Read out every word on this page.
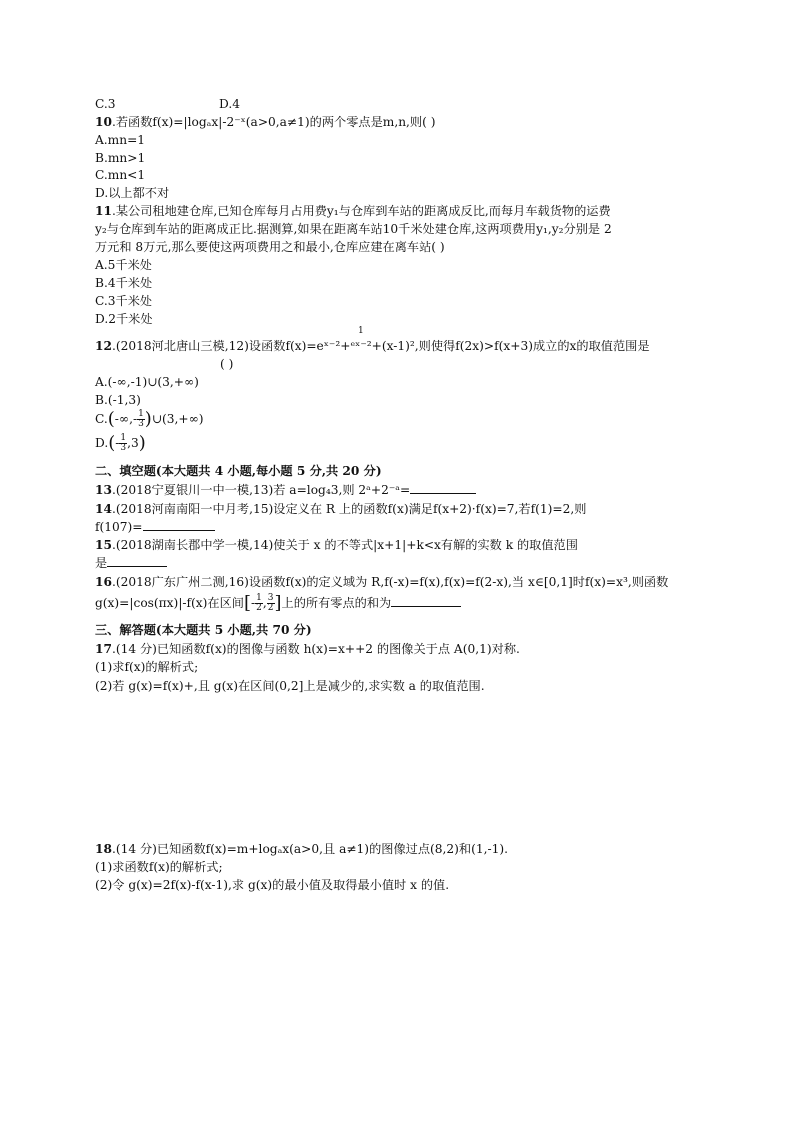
C.3	D.4
10.若函数f(x)=|logₐx|-2⁻ˣ(a>0,a≠1)的两个零点是m,n,则( )
A.mn=1
B.mn>1
C.mn<1
D.以上都不对
11.某公司租地建仓库,已知仓库每月占用费y₁与仓库到车站的距离成反比,而每月车载货物的运费
y₂与仓库到车站的距离成正比.据测算,如果在距离车站10千米处建仓库,这两项费用y₁,y₂分别是 2
万元和 8万元,那么要使这两项费用之和最小,仓库应建在离车站( )
A.5千米处
B.4千米处
C.3千米处
D.2千米处
1
12.(2018河北唐山三模,12)设函数f(x)=eˣ⁻²+ᵉˣ⁻²+(x-1)²,则使得f(2x)>f(x+3)成立的x的取值范围是
( )
A.(-∞,-1)∪(3,+∞)
B.(-1,3)
$C.(-\infty,- \frac{1}{3}$ )∪(3,+∞)
$D.(- \frac{1}{3} ,3)$
二、填空题(本大题共 4 小题,每小题 5 分,共 20 分)
13.(2018宁夏银川一中一模,13)若 a=log₄3,则 2ᵃ+2⁻ᵃ=
14.(2018河南南阳一中月考,15)设定义在 R 上的函数f(x)满足f(x+2)·f(x)=7,若f(1)=2,则
f(107)=
15.(2018湖南长郡中学一模,14)使关于 x 的不等式|x+1|+k<x有解的实数 k 的取值范围
是
16.(2018广东广州二测,16)设函数f(x)的定义域为 R,f(-x)=f(x),f(x)=f(2-x),当 x∈[0,1]时f(x)=x³,则函数
g(x)=|cos(πx)|-f(x)在区间[- $\frac{1}{2}$ , $\frac{3}{2}$ ]上的所有零点的和为
三、解答题(本大题共 5 小题,共 70 分)
17.(14 分)已知函数f(x)的图像与函数 h(x)=x++2 的图像关于点 A(0,1)对称.
(1)求f(x)的解析式;
(2)若 g(x)=f(x)+,且 g(x)在区间(0,2]上是减少的,求实数 a 的取值范围.
18.(14 分)已知函数f(x)=m+logₐx(a>0,且 a≠1)的图像过点(8,2)和(1,-1).
(1)求函数f(x)的解析式;
(2)令 g(x)=2f(x)-f(x-1),求 g(x)的最小值及取得最小值时 x 的值.
